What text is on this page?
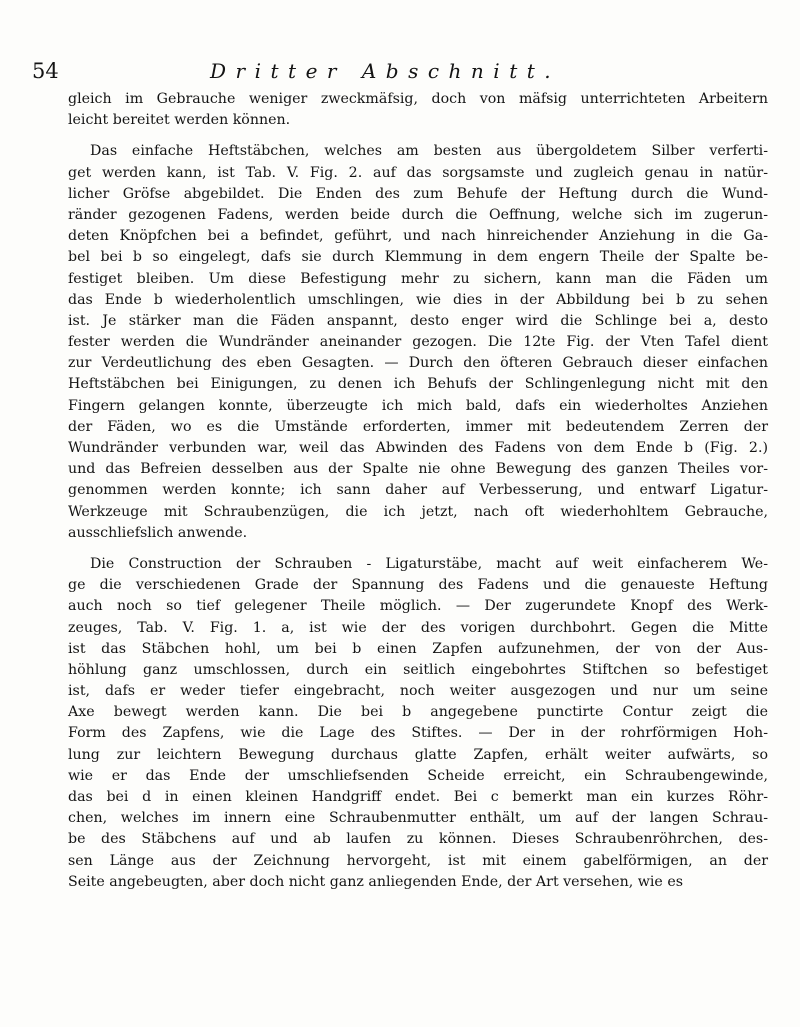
54	Dritter Abschnitt.
gleich im Gebrauche weniger zweckmäfsig, doch von mäfsig unterrichteten Arbeitern
leicht bereitet werden können.
Das einfache Heftstäbchen, welches am besten aus übergoldetem Silber verferti-
get werden kann, ist Tab. V. Fig. 2. auf das sorgsamste und zugleich genau in natür-
licher Gröfse abgebildet. Die Enden des zum Behufe der Heftung durch die Wund-
ränder gezogenen Fadens, werden beide durch die Oeffnung, welche sich im zugerun-
deten Knöpfchen bei a befindet, geführt, und nach hinreichender Anziehung in die Ga-
bel bei b so eingelegt, dafs sie durch Klemmung in dem engern Theile der Spalte be-
festiget bleiben. Um diese Befestigung mehr zu sichern, kann man die Fäden um
das Ende b wiederholentlich umschlingen, wie dies in der Abbildung bei b zu sehen
ist. Je stärker man die Fäden anspannt, desto enger wird die Schlinge bei a, desto
fester werden die Wundränder aneinander gezogen. Die 12te Fig. der Vten Tafel dient
zur Verdeutlichung des eben Gesagten. — Durch den öfteren Gebrauch dieser einfachen
Heftstäbchen bei Einigungen, zu denen ich Behufs der Schlingenlegung nicht mit den
Fingern gelangen konnte, überzeugte ich mich bald, dafs ein wiederholtes Anziehen
der Fäden, wo es die Umstände erforderten, immer mit bedeutendem Zerren der
Wundränder verbunden war, weil das Abwinden des Fadens von dem Ende b (Fig. 2.)
und das Befreien desselben aus der Spalte nie ohne Bewegung des ganzen Theiles vor-
genommen werden konnte; ich sann daher auf Verbesserung, und entwarf Ligatur-
Werkzeuge mit Schraubenzügen, die ich jetzt, nach oft wiederhohltem Gebrauche,
ausschliefslich anwende.
Die Construction der Schrauben - Ligaturstäbe, macht auf weit einfacherem We-
ge die verschiedenen Grade der Spannung des Fadens und die genaueste Heftung
auch noch so tief gelegener Theile möglich. — Der zugerundete Knopf des Werk-
zeuges, Tab. V. Fig. 1. a, ist wie der des vorigen durchbohrt. Gegen die Mitte
ist das Stäbchen hohl, um bei b einen Zapfen aufzunehmen, der von der Aus-
höhlung ganz umschlossen, durch ein seitlich eingebohrtes Stiftchen so befestiget
ist, dafs er weder tiefer eingebracht, noch weiter ausgezogen und nur um seine
Axe bewegt werden kann. Die bei b angegebene punctirte Contur zeigt die
Form des Zapfens, wie die Lage des Stiftes. — Der in der rohrförmigen Hoh-
lung zur leichtern Bewegung durchaus glatte Zapfen, erhält weiter aufwärts, so
wie er das Ende der umschliefsenden Scheide erreicht, ein Schraubengewinde,
das bei d in einen kleinen Handgriff endet. Bei c bemerkt man ein kurzes Röhr-
chen, welches im innern eine Schraubenmutter enthält, um auf der langen Schrau-
be des Stäbchens auf und ab laufen zu können. Dieses Schraubenröhrchen, des-
sen Länge aus der Zeichnung hervorgeht, ist mit einem gabelförmigen, an der
Seite angebeugten, aber doch nicht ganz anliegenden Ende, der Art versehen, wie es
